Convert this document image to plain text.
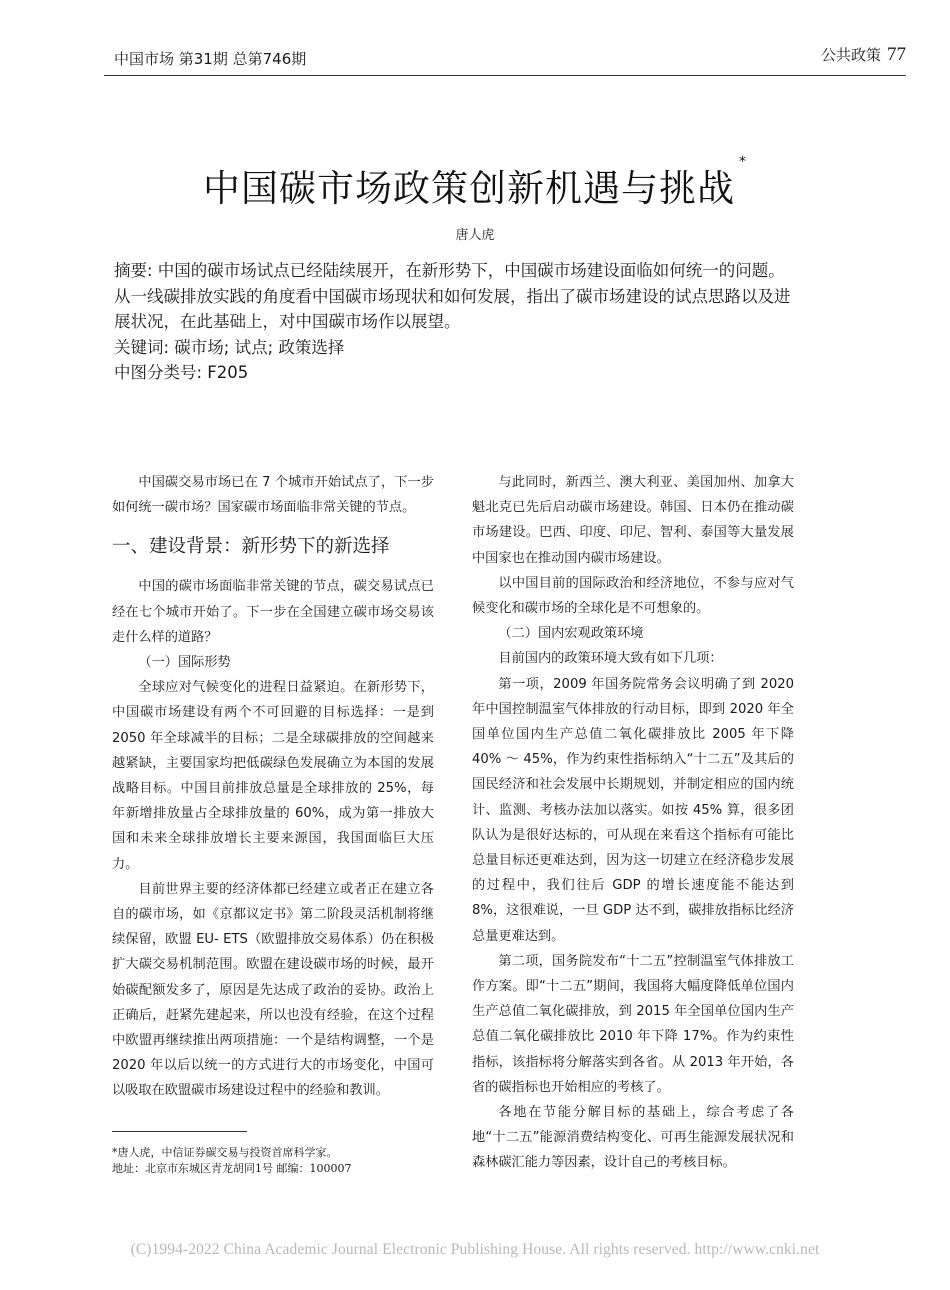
中国市场 第31期 总第746期	公共政策 77
中国碳市场政策创新机遇与挑战*
唐人虎

摘要: 中国的碳市场试点已经陆续展开，在新形势下，中国碳市场建设面临如何统一的问题。从一线碳排放实践的角度看中国碳市场现状和如何发展，指出了碳市场建设的试点思路以及进展状况，在此基础上，对中国碳市场作以展望。

关键词: 碳市场; 试点; 政策选择

中图分类号: F205

中国碳交易市场已在 7 个城市开始试点了，下一步如何统一碳市场？国家碳市场面临非常关键的节点。

一、建设背景：新形势下的新选择

中国的碳市场面临非常关键的节点，碳交易试点已经在七个城市开始了。下一步在全国建立碳市场交易该走什么样的道路？

（一）国际形势

全球应对气候变化的进程日益紧迫。在新形势下，中国碳市场建设有两个不可回避的目标选择：一是到 2050 年全球减半的目标；二是全球碳排放的空间越来越紧缺，主要国家均把低碳绿色发展确立为本国的发展战略目标。中国目前排放总量是全球排放的 25%，每年新增排放量占全球排放量的 60%，成为第一排放大国和未来全球排放增长主要来源国，我国面临巨大压力。

目前世界主要的经济体都已经建立或者正在建立各自的碳市场，如《京都议定书》第二阶段灵活机制将继续保留，欧盟 EU- ETS（欧盟排放交易体系）仍在积极扩大碳交易机制范围。欧盟在建设碳市场的时候，最开始碳配额发多了，原因是先达成了政治的妥协。政治上正确后，赶紧先建起来，所以也没有经验，在这个过程中欧盟再继续推出两项措施：一个是结构调整，一个是 2020 年以后以统一的方式进行大的市场变化，中国可以吸取在欧盟碳市场建设过程中的经验和教训。

与此同时，新西兰、澳大利亚、美国加州、加拿大魁北克已先后启动碳市场建设。韩国、日本仍在推动碳市场建设。巴西、印度、印尼、智利、泰国等大量发展中国家也在推动国内碳市场建设。

以中国目前的国际政治和经济地位，不参与应对气候变化和碳市场的全球化是不可想象的。

（二）国内宏观政策环境

目前国内的政策环境大致有如下几项：

第一项，2009 年国务院常务会议明确了到 2020 年中国控制温室气体排放的行动目标，即到 2020 年全国单位国内生产总值二氧化碳排放比 2005 年下降 40% ～ 45%，作为约束性指标纳入“十二五”及其后的国民经济和社会发展中长期规划，并制定相应的国内统计、监测、考核办法加以落实。如按 45% 算，很多团队认为是很好达标的，可从现在来看这个指标有可能比总量目标还更难达到，因为这一切建立在经济稳步发展的过程中，我们往后 GDP 的增长速度能不能达到 8%，这很难说，一旦 GDP 达不到，碳排放指标比经济总量更难达到。

第二项，国务院发布“十二五”控制温室气体排放工作方案。即“十二五”期间，我国将大幅度降低单位国内生产总值二氧化碳排放，到 2015 年全国单位国内生产总值二氧化碳排放比 2010 年下降 17%。作为约束性指标，该指标将分解落实到各省。从 2013 年开始，各省的碳指标也开始相应的考核了。

各地在节能分解目标的基础上，综合考虑了各地“十二五”能源消费结构变化、可再生能源发展状况和森林碳汇能力等因素，设计自己的考核目标。

*唐人虎，中信证券碳交易与投资首席科学家。

地址：北京市东城区青龙胡同1号 邮编：100007

(C)1994-2022 China Academic Journal Electronic Publishing House. All rights reserved. http://www.cnki.net
